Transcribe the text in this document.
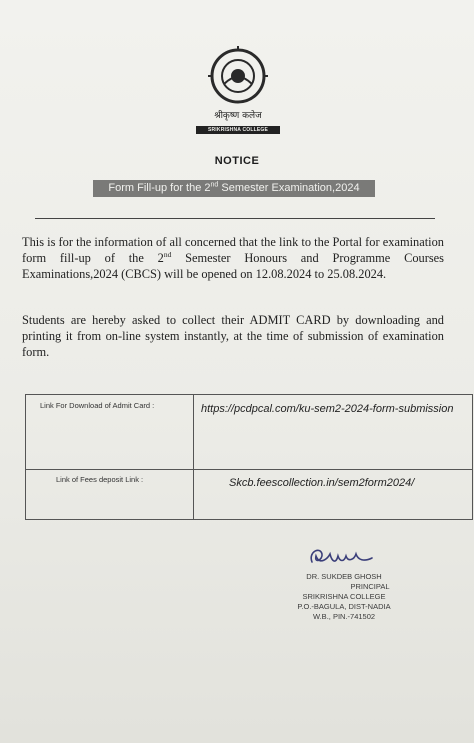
श्रीकृष्ण कलेज
SRIKRISHNA COLLEGE
NOTICE
Form Fill-up for the 2nd Semester Examination,2024
This is for the information of all concerned that the link to the Portal for examination form fill-up of the 2nd Semester Honours and Programme Courses Examinations,2024 (CBCS) will be opened on 12.08.2024 to 25.08.2024.
Students are hereby asked to collect their ADMIT CARD by downloading and printing it from on-line system instantly, at the time of submission of examination form.
Link For Download of Admit Card :	https://pcdpcal.com/ku-sem2-2024-form-submission
Link of Fees deposit Link :	Skcb.feescollection.in/sem2form2024/
DR. SUKDEB GHOSH
PRINCIPAL
SRIKRISHNA COLLEGE
P.O.-BAGULA, DIST-NADIA
W.B., PIN.-741502
